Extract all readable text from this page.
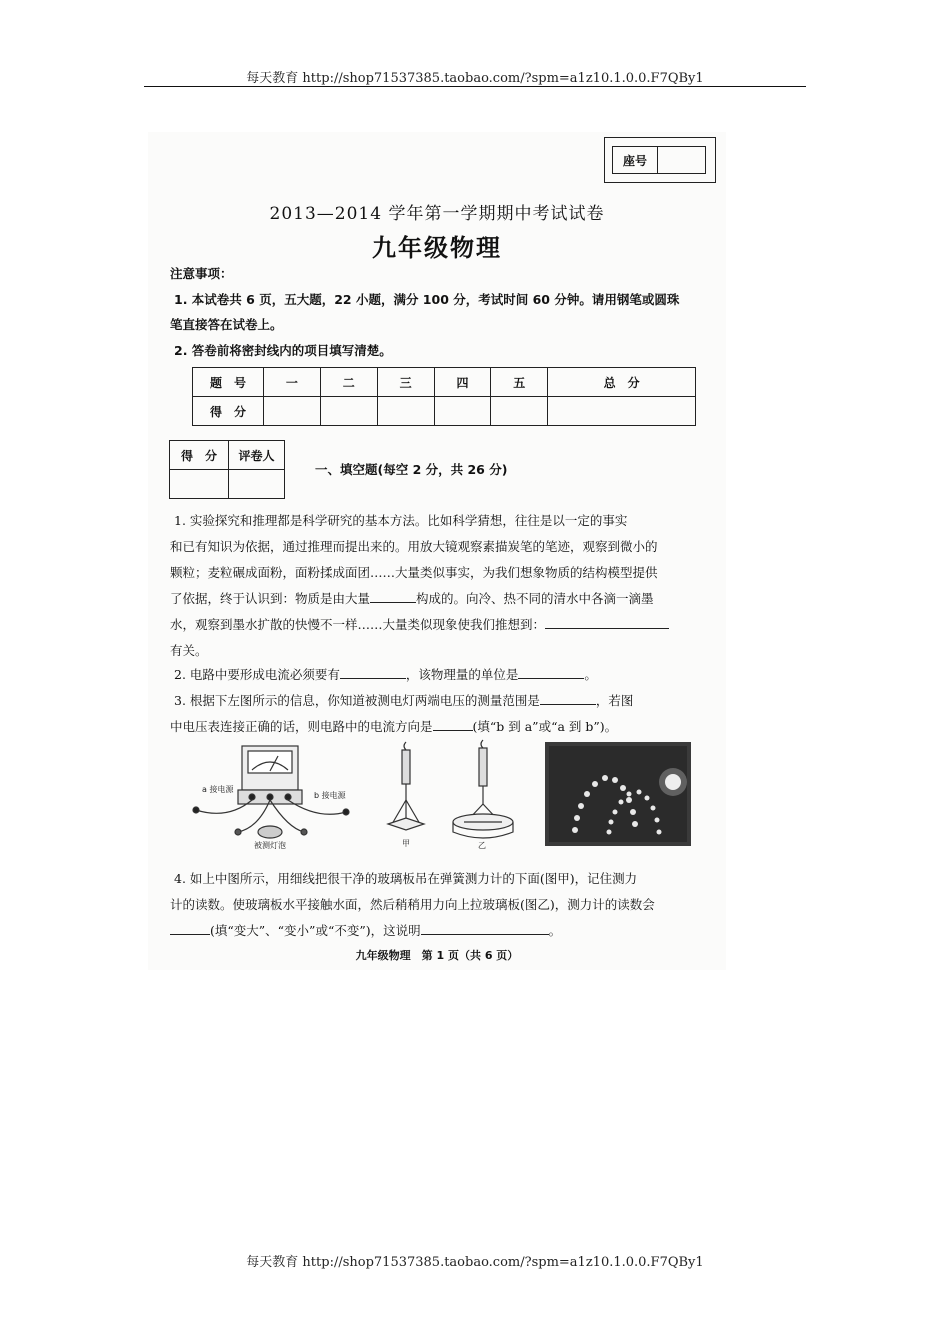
每天教育 http://shop71537385.taobao.com/?spm=a1z10.1.0.0.F7QBy1
座号
2013—2014 学年第一学期期中考试试卷
九年级物理
注意事项：
1. 本试卷共 6 页，五大题，22 小题，满分 100 分，考试时间 60 分钟。请用钢笔或圆珠
笔直接答在试卷上。
2. 答卷前将密封线内的项目填写清楚。
题　号	一	二	三	四	五	总　分
得　分						
得　分	评卷人

一、填空题(每空 2 分，共 26 分)
1. 实验探究和推理都是科学研究的基本方法。比如科学猜想，往往是以一定的事实
和已有知识为依据，通过推理而提出来的。用放大镜观察素描炭笔的笔迹，观察到微小的
颗粒；麦粒碾成面粉，面粉揉成面团……大量类似事实，为我们想象物质的结构模型提供
了依据，终于认识到：物质是由大量	构成的。向冷、热不同的清水中各滴一滴墨
水，观察到墨水扩散的快慢不一样……大量类似现象使我们推想到：
有关。
2. 电路中要形成电流必须要有	，该物理量的单位是	。
3. 根据下左图所示的信息，你知道被测电灯两端电压的测量范围是	，若图
中电压表连接正确的话，则电路中的电流方向是	(填“b 到 a”或“a 到 b”)。
a 接电源
b 接电源
被测灯泡	甲	乙
4. 如上中图所示，用细线把很干净的玻璃板吊在弹簧测力计的下面(图甲)，记住测力
计的读数。使玻璃板水平接触水面，然后稍稍用力向上拉玻璃板(图乙)，测力计的读数会
(填“变大”、“变小”或“不变”)，这说明	。
九年级物理　第 1 页（共 6 页）
每天教育 http://shop71537385.taobao.com/?spm=a1z10.1.0.0.F7QBy1
